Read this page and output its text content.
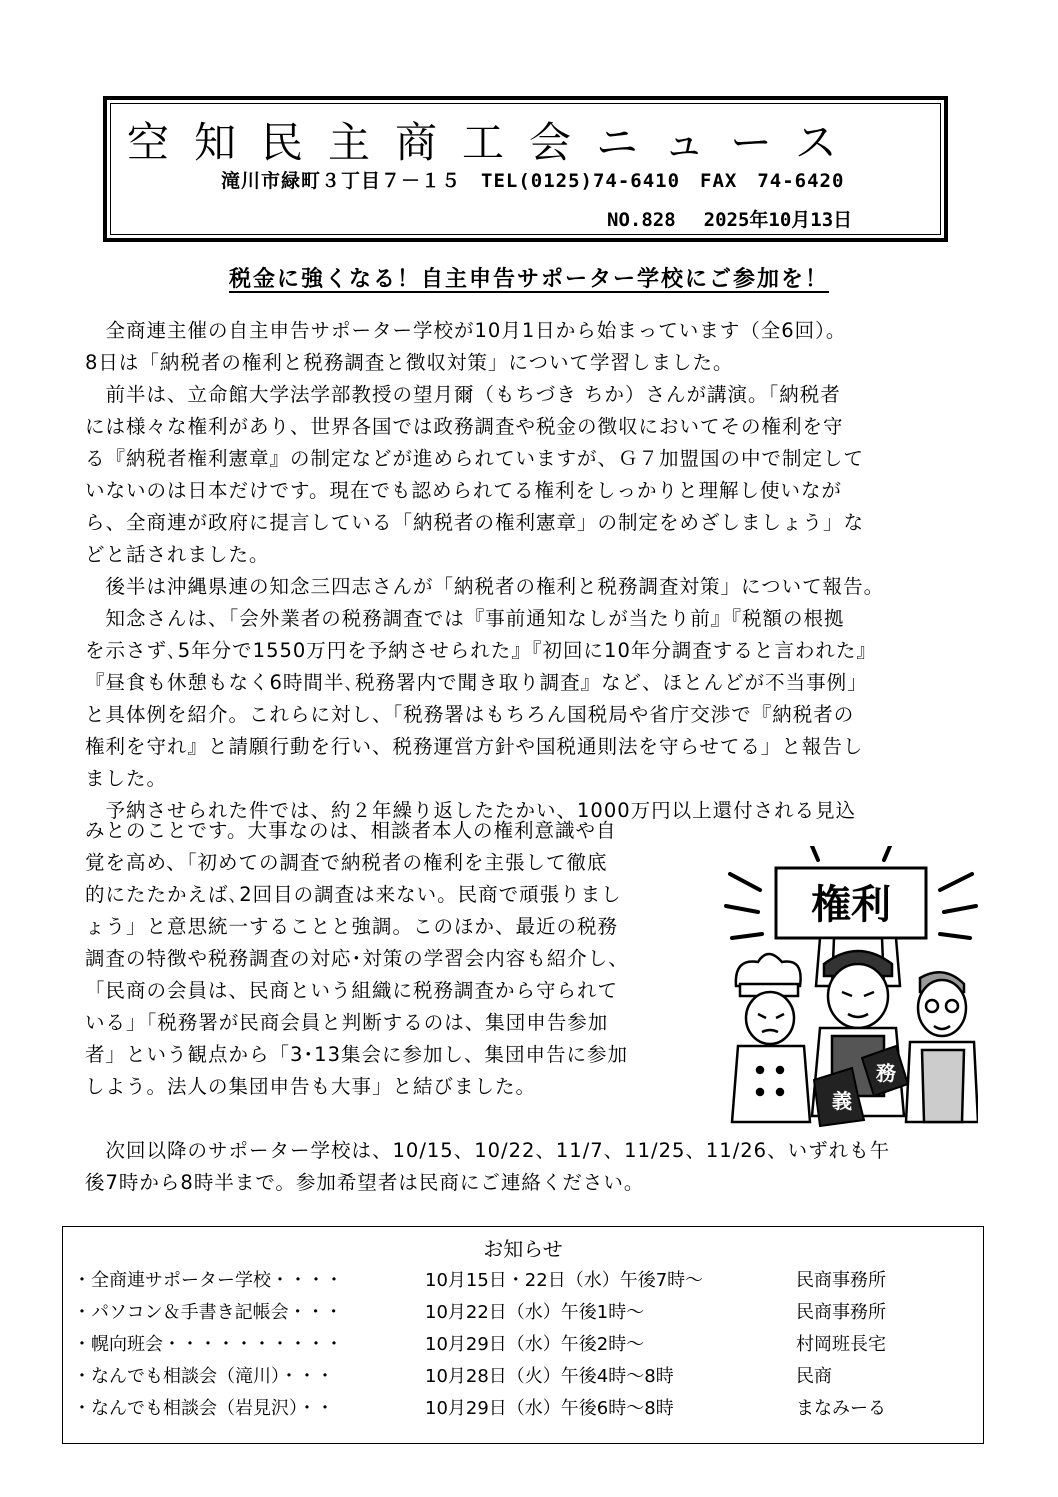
空知民主商工会ニュース
滝川市緑町３丁目７－１５　TEL(0125)74-6410　FAX　74-6420
NO.828 2025年10月13日
税金に強くなる！自主申告サポーター学校にご参加を！

　全商連主催の自主申告サポーター学校が10月1日から始まっています（全6回）。

8日は「納税者の権利と税務調査と徴収対策」について学習しました。

　前半は、立命館大学法学部教授の望月爾（もちづき ちか）さんが講演。「納税者

には様々な権利があり、世界各国では政務調査や税金の徴収においてその権利を守

る『納税者権利憲章』の制定などが進められていますが、Ｇ７加盟国の中で制定して

いないのは日本だけです。現在でも認められてる権利をしっかりと理解し使いなが

ら、全商連が政府に提言している「納税者の権利憲章」の制定をめざしましょう」な

どと話されました。

　後半は沖縄県連の知念三四志さんが「納税者の権利と税務調査対策」について報告。

　知念さんは、「会外業者の税務調査では『事前通知なしが当たり前』『税額の根拠

を示さず､5年分で1550万円を予納させられた』『初回に10年分調査すると言われた』

『昼食も休憩もなく6時間半､税務署内で聞き取り調査』など、ほとんどが不当事例」

と具体例を紹介。これらに対し、「税務署はもちろん国税局や省庁交渉で『納税者の

権利を守れ』と請願行動を行い、税務運営方針や国税通則法を守らせてる」と報告し

ました。

　予納させられた件では、約２年繰り返したたかい、1000万円以上還付される見込

みとのことです。大事なのは、相談者本人の権利意識や自

覚を高め、「初めての調査で納税者の権利を主張して徹底

的にたたかえば､2回目の調査は来ない。民商で頑張りまし

ょう」と意思統一することと強調。このほか、最近の税務

調査の特徴や税務調査の対応･対策の学習会内容も紹介し、

「民商の会員は、民商という組織に税務調査から守られて

いる」「税務署が民商会員と判断するのは、集団申告参加

者」という観点から「3･13集会に参加し、集団申告に参加

しよう。法人の集団申告も大事」と結びました。

権利
義
務

　次回以降のサポーター学校は、10/15、10/22、11/7、11/25、11/26、いずれも午

後7時から8時半まで。参加希望者は民商にご連絡ください。

お知らせ
・全商連サポーター学校・・・・	10月15日・22日（水）午後7時～	民商事務所
・パソコン＆手書き記帳会・・・	10月22日（水）午後1時～	民商事務所
・幌向班会・・・・・・・・・・	10月29日（水）午後2時～	村岡班長宅
・なんでも相談会（滝川）・・・	10月28日（火）午後4時～8時	民商
・なんでも相談会（岩見沢）・・	10月29日（水）午後6時～8時	まなみーる
